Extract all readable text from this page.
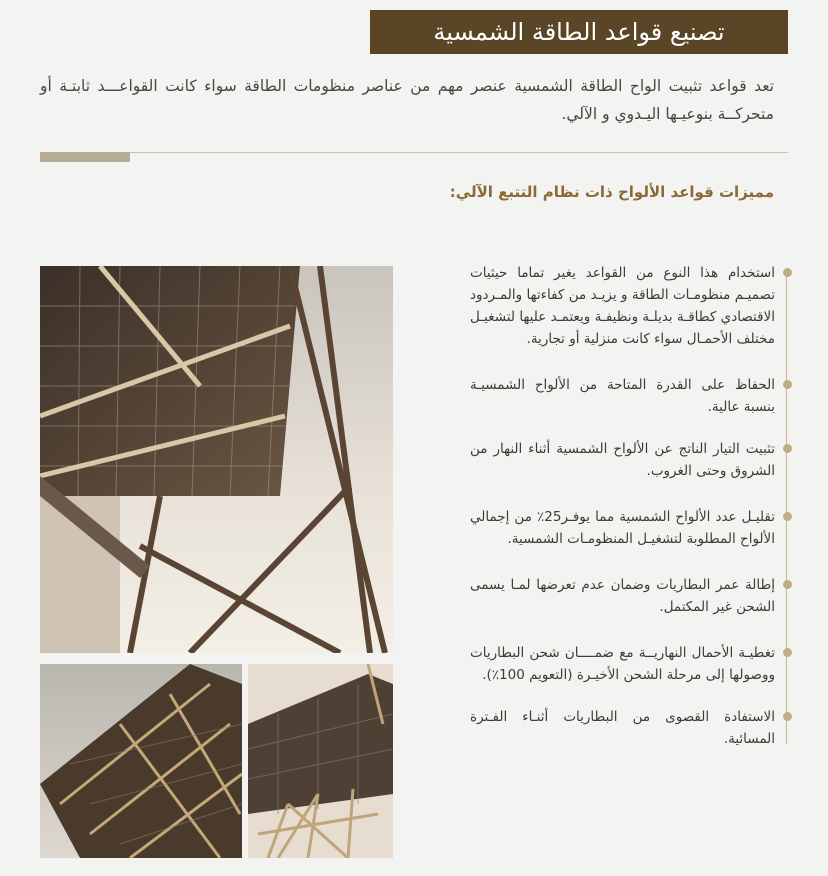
تصنيع قواعد الطاقة الشمسية

تعد قواعد تثبيت الواح الطاقة الشمسية عنصر مهم من عناصر منظومات الطاقة سواء كانت القواعـــد ثابتـة أو متحركــة بنوعيـها اليـدوي و الآلي.

مميزات قواعد الألواح ذات نظام التتبع الآلي:
استخدام هذا النوع من القواعد يغير تماما حيثيات تصميـم منظومـات الطاقة و يزيـد من كفاءتها والمـردود الاقتصادي كطاقـة بديلـة ونظيفـة ويعتمـد عليها لتشغيـل مختلف الأحمـال سواء كانت منزلية أو تجارية.
الحفاظ على القدرة المتاحة من الألواح الشمسيـة بنسبة عالية.
تثبيت التيار الناتج عن الألواح الشمسية أثناء النهار من الشروق وحتى الغروب.
تقليـل عدد الألواح الشمسية مما يوفـر25٪ من إجمالي الألواح المطلوبة لتشغيـل المنظومـات الشمسية.
إطالة عمر البطاريات وضمان عدم تعرضها لمـا يسمى الشحن غير المكتمل.
تغطيـة الأحمال النهاريــة مع ضمــــان شحن البطاريات ووصولها إلى مرحلة الشحن الأخيـرة (التعويم 100٪).
الاستفادة القصوى من البطاريات أثنـاء الفـترة المسائية.
